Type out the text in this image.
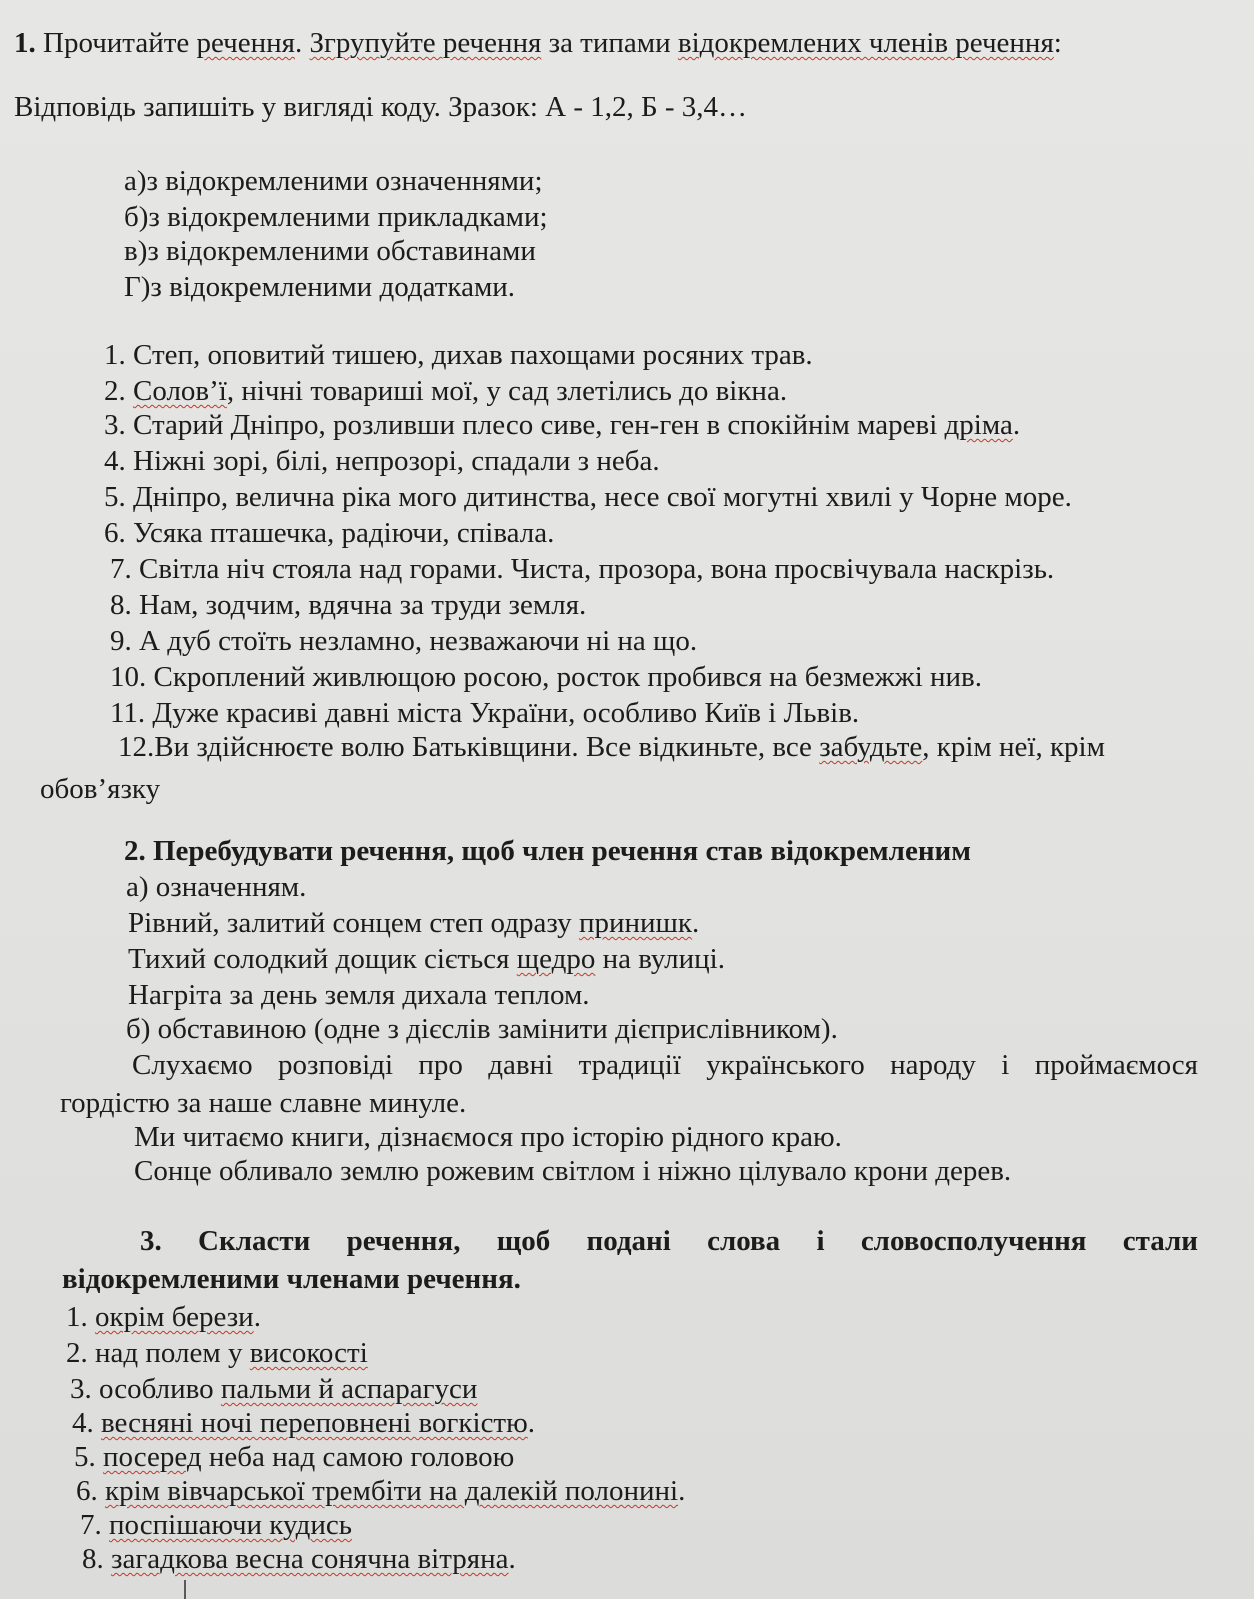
1. Прочитайте речення. Згрупуйте речення за типами відокремлених членів речення:
Відповідь запишіть у вигляді коду. Зразок: А - 1,2, Б - 3,4…
а)з відокремленими означеннями;
б)з відокремленими прикладками;
в)з відокремленими обставинами
Г)з відокремленими додатками.
1. Степ, оповитий тишею, дихав пахощами росяних трав.
2. Солов’ї, нічні товариші мої, у сад злетілись до вікна.
3. Старий Дніпро, розливши плесо сиве, ген-ген в спокійнім мареві дріма.
4. Ніжні зорі, білі, непрозорі, спадали з неба.
5. Дніпро, велична ріка мого дитинства, несе свої могутні хвилі у Чорне море.
6. Усяка пташечка, радіючи, співала.
7. Світла ніч стояла над горами. Чиста, прозора, вона просвічувала наскрізь.
8. Нам, зодчим, вдячна за труди земля.
9. А дуб стоїть незламно, незважаючи ні на що.
10. Скроплений живлющою росою, росток пробився на безмежжі нив.
11. Дуже красиві давні міста України, особливо Київ і Львів.
12.Ви здійснюєте волю Батьківщини. Все відкиньте, все забудьте, крім неї, крім
обов’язку
2. Перебудувати речення, щоб член речення став відокремленим
а) означенням.
Рівний, залитий сонцем степ одразу принишк.
Тихий солодкий дощик сіється щедро на вулиці.
Нагріта за день земля дихала теплом.
б) обставиною (одне з дієслів замінити дієприслівником).
Слухаємо розповіді про давні традиції українського народу і проймаємося
гордістю за наше славне минуле.
Ми читаємо книги, дізнаємося про історію рідного краю.
Сонце обливало землю рожевим світлом і ніжно цілувало крони дерев.
3. Скласти речення, щоб подані слова і словосполучення стали
відокремленими членами речення.
1. окрім берези.
2. над полем у високості
3. особливо пальми й аспарагуси
4. весняні ночі переповнені вогкістю.
5. посеред неба над самою головою
6. крім вівчарської трембіти на далекій полонині.
7. поспішаючи кудись
8. загадкова весна сонячна вітряна.
